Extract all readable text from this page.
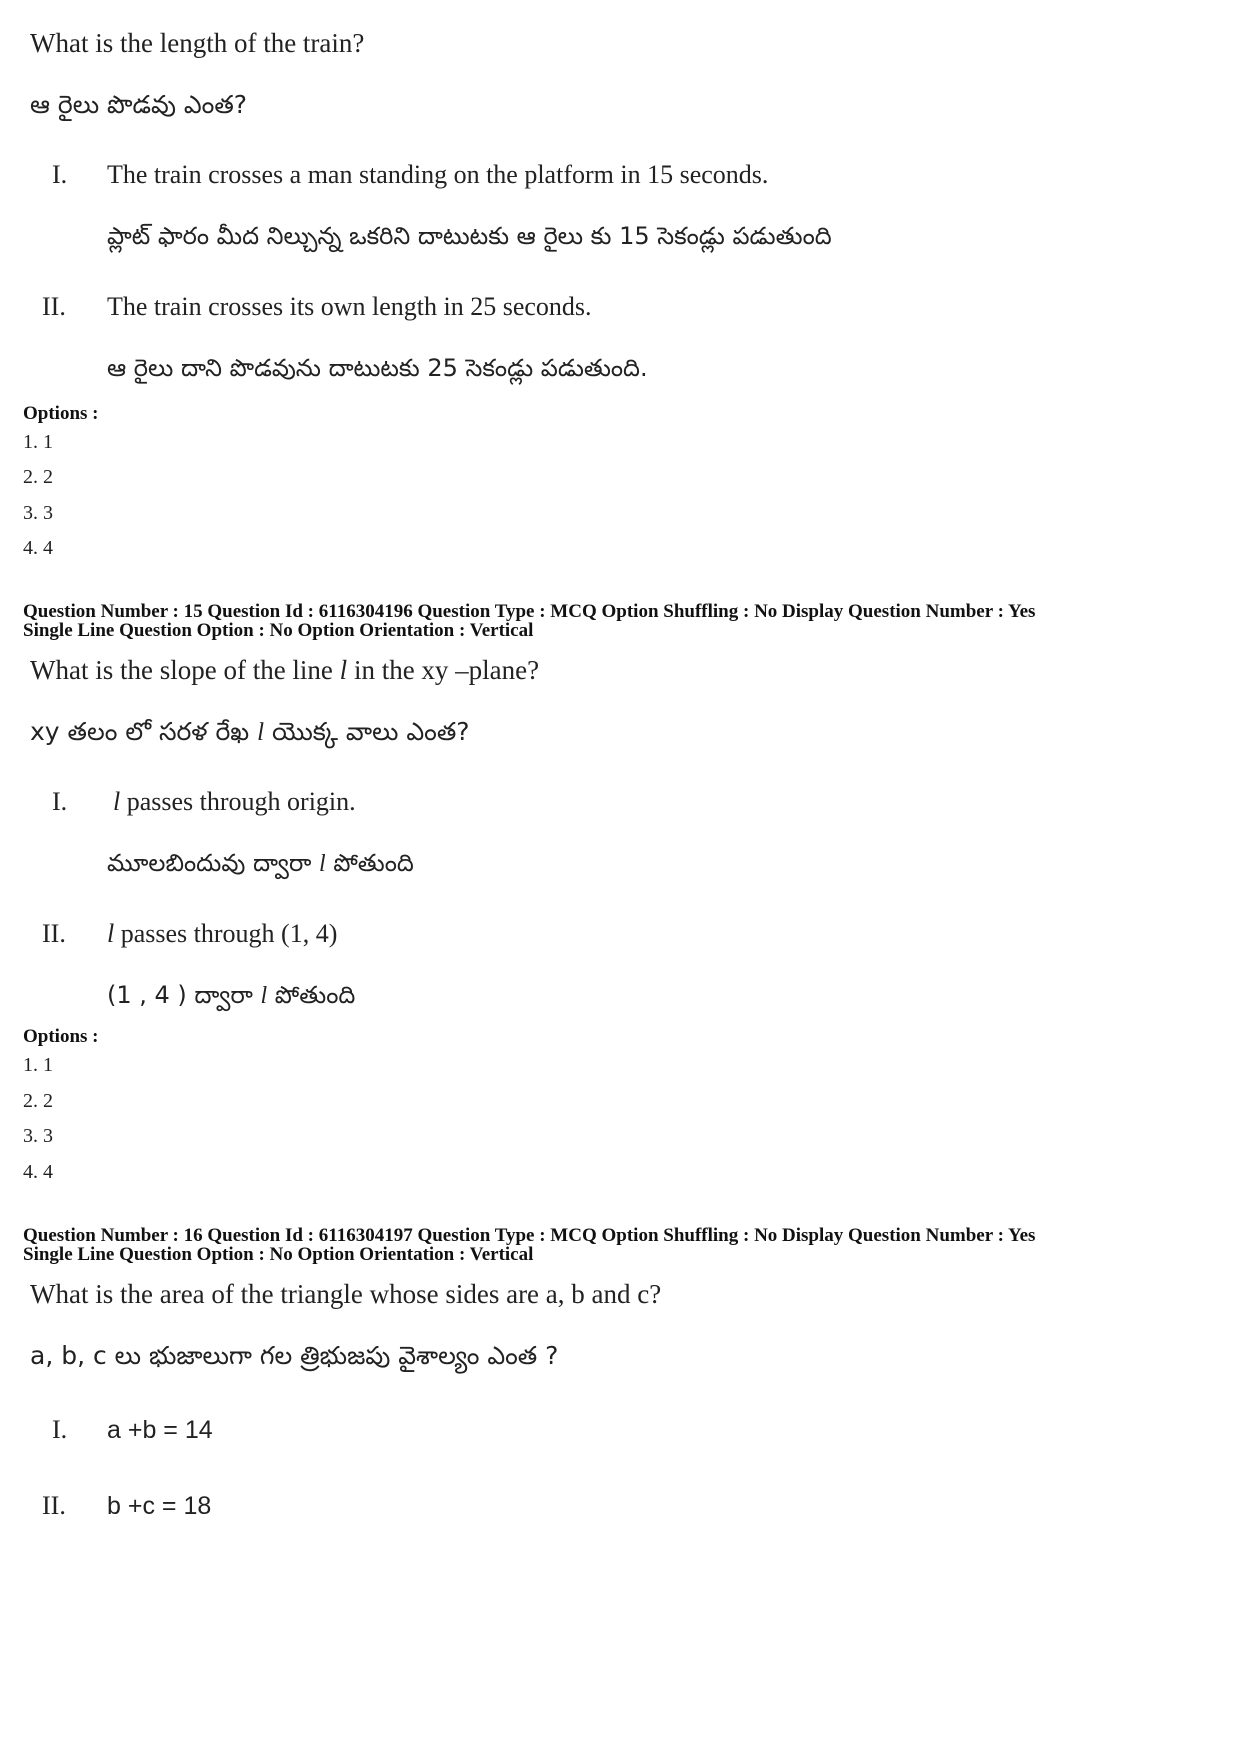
What is the length of the train?
ఆ రైలు పొడవు ఎంత?
I. The train crosses a man standing on the platform in 15 seconds.
ప్లాట్ ఫారం మీద నిల్చున్న ఒకరిని దాటుటకు ఆ రైలు కు 15 సెకండ్లు పడుతుంది
II. The train crosses its own length in 25 seconds.
ఆ రైలు దాని పొడవును దాటుటకు 25 సెకండ్లు పడుతుంది.
Options :
1. 1
2. 2
3. 3
4. 4
Question Number : 15 Question Id : 6116304196 Question Type : MCQ Option Shuffling : No Display Question Number : Yes
Single Line Question Option : No Option Orientation : Vertical
What is the slope of the line l in the xy –plane?
xy తలం లో సరళ రేఖ l యొక్క వాలు ఎంత?
I. l passes through origin.
మూలబిందువు ద్వారా l పోతుంది
II. l passes through (1, 4)
(1 , 4 ) ద్వారా l పోతుంది
Options :
1. 1
2. 2
3. 3
4. 4
Question Number : 16 Question Id : 6116304197 Question Type : MCQ Option Shuffling : No Display Question Number : Yes
Single Line Question Option : No Option Orientation : Vertical
What is the area of the triangle whose sides are a, b and c?
a, b, c లు భుజాలుగా గల త్రిభుజపు వైశాల్యం ఎంత ?
I. a +b = 14
II. b +c = 18
